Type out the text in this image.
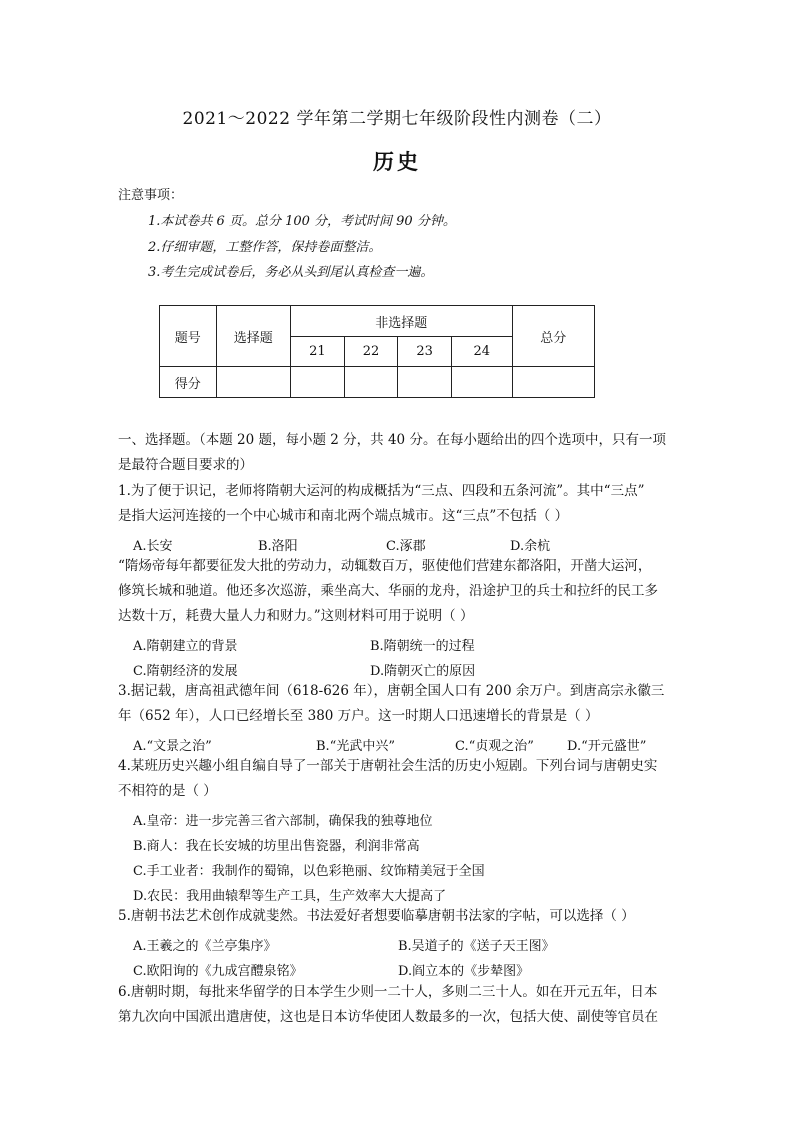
2021～2022 学年第二学期七年级阶段性内测卷（二）
历史
注意事项：
1.本试卷共 6 页。总分 100 分，考试时间 90 分钟。
2.仔细审题，工整作答，保持卷面整洁。
3.考生完成试卷后，务必从头到尾认真检查一遍。
题号	选择题	非选择题				总分
		21	22	23	24	
得分						
一、选择题。（本题 20 题，每小题 2 分，共 40 分。在每小题给出的四个选项中，只有一项
是最符合题目要求的）
1.为了便于识记，老师将隋朝大运河的构成概括为“三点、四段和五条河流”。其中“三点”
是指大运河连接的一个中心城市和南北两个端点城市。这“三点”不包括（ ）
A.长安	B.洛阳	C.涿郡	D.余杭
“隋炀帝每年都要征发大批的劳动力，动辄数百万，驱使他们营建东都洛阳，开凿大运河，
修筑长城和驰道。他还多次巡游，乘坐高大、华丽的龙舟，沿途护卫的兵士和拉纤的民工多
达数十万，耗费大量人力和财力。”这则材料可用于说明（ ）
A.隋朝建立的背景	B.隋朝统一的过程
C.隋朝经济的发展	D.隋朝灭亡的原因
3.据记载，唐高祖武德年间（618-626 年），唐朝全国人口有 200 余万户。到唐高宗永徽三
年（652 年），人口已经增长至 380 万户。这一时期人口迅速增长的背景是（ ）
A.“文景之治”	B.“光武中兴”	C.“贞观之治”	D.“开元盛世”
4.某班历史兴趣小组自编自导了一部关于唐朝社会生活的历史小短剧。下列台词与唐朝史实
不相符的是（ ）
A.皇帝：进一步完善三省六部制，确保我的独尊地位
B.商人：我在长安城的坊里出售瓷器，利润非常高
C.手工业者：我制作的蜀锦，以色彩艳丽、纹饰精美冠于全国
D.农民：我用曲辕犁等生产工具，生产效率大大提高了
5.唐朝书法艺术创作成就斐然。书法爱好者想要临摹唐朝书法家的字帖，可以选择（ ）
A.王羲之的《兰亭集序》	B.吴道子的《送子天王图》
C.欧阳询的《九成宫醴泉铭》	D.阎立本的《步辇图》
6.唐朝时期，每批来华留学的日本学生少则一二十人，多则二三十人。如在开元五年，日本
第九次向中国派出遣唐使，这也是日本访华使团人数最多的一次，包括大使、副使等官员在
